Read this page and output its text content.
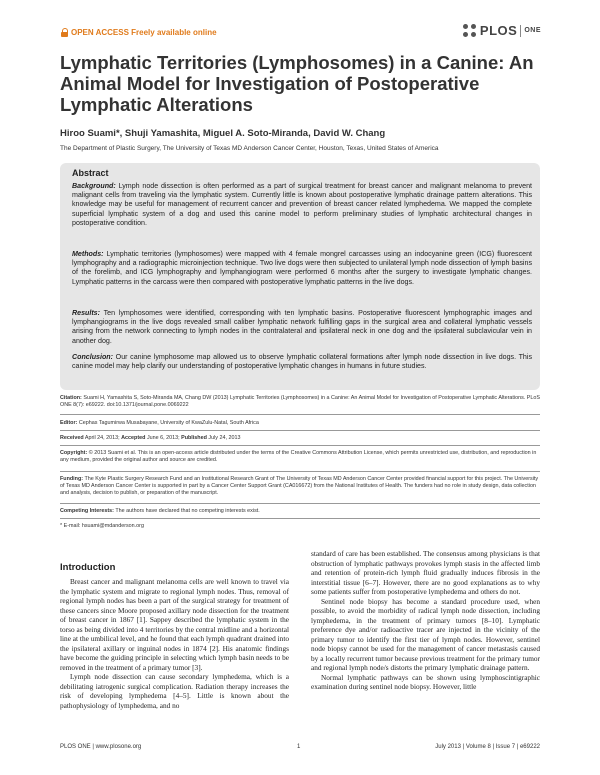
OPEN ACCESS Freely available online	PLOS ONE
Lymphatic Territories (Lymphosomes) in a Canine: An Animal Model for Investigation of Postoperative Lymphatic Alterations
Hiroo Suami*, Shuji Yamashita, Miguel A. Soto-Miranda, David W. Chang
The Department of Plastic Surgery, The University of Texas MD Anderson Cancer Center, Houston, Texas, United States of America
Abstract
Background: Lymph node dissection is often performed as a part of surgical treatment for breast cancer and malignant melanoma to prevent malignant cells from traveling via the lymphatic system. Currently little is known about postoperative lymphatic drainage pattern alterations. This knowledge may be useful for management of recurrent cancer and prevention of breast cancer related lymphedema. We mapped the complete superficial lymphatic system of a dog and used this canine model to perform preliminary studies of lymphatic architectural changes in postoperative condition.
Methods: Lymphatic territories (lymphosomes) were mapped with 4 female mongrel carcasses using an indocyanine green (ICG) fluorescent lymphography and a radiographic microinjection technique. Two live dogs were then subjected to unilateral lymph node dissection of lymph basins of the forelimb, and ICG lymphography and lymphangiogram were performed 6 months after the surgery to investigate lymphatic changes. Lymphatic patterns in the carcass were then compared with postoperative lymphatic patterns in the live dogs.
Results: Ten lymphosomes were identified, corresponding with ten lymphatic basins. Postoperative fluorescent lymphographic images and lymphangiograms in the live dogs revealed small caliber lymphatic network fulfilling gaps in the surgical area and collateral lymphatic vessels arising from the network connecting to lymph nodes in the contralateral and ipsilateral neck in one dog and the ipsilateral subclavicular vein in another dog.
Conclusion: Our canine lymphosome map allowed us to observe lymphatic collateral formations after lymph node dissection in live dogs. This canine model may help clarify our understanding of postoperative lymphatic changes in humans in future studies.
Citation: Suami H, Yamashita S, Soto-Miranda MA, Chang DW (2013) Lymphatic Territories (Lymphosomes) in a Canine: An Animal Model for Investigation of Postoperative Lymphatic Alterations. PLoS ONE 8(7): e69222. doi:10.1371/journal.pone.0069222
Editor: Cephas Tagumirwa Musabayane, University of KwaZulu-Natal, South Africa
Received April 24, 2013; Accepted June 6, 2013; Published July 24, 2013
Copyright: © 2013 Suami et al. This is an open-access article distributed under the terms of the Creative Commons Attribution License, which permits unrestricted use, distribution, and reproduction in any medium, provided the original author and source are credited.
Funding: The Kyte Plastic Surgery Research Fund and an Institutional Research Grant of The University of Texas MD Anderson Cancer Center provided financial support for this project. The University of Texas MD Anderson Cancer Center is supported in part by a Cancer Center Support Grant (CA016672) from the National Institutes of Health. The funders had no role in study design, data collection and analysis, decision to publish, or preparation of the manuscript.
Competing Interests: The authors have declared that no competing interests exist.
* E-mail: hsuami@mdanderson.org
Introduction

Breast cancer and malignant melanoma cells are well known to travel via the lymphatic system and migrate to regional lymph nodes. Thus, removal of regional lymph nodes has been a part of the surgical strategy for treatment of these cancers since Moore proposed axillary node dissection for the treatment of breast cancer in 1867 [1]. Sappey described the lymphatic system in the torso as being divided into 4 territories by the central midline and a horizontal line at the umbilical level, and he found that each lymph quadrant drained into the ipsilateral axillary or inguinal nodes in 1874 [2]. His anatomic findings have become the guiding principle in selecting which lymph basin needs to be removed in the treatment of a primary tumor [3].

Lymph node dissection can cause secondary lymphedema, which is a debilitating iatrogenic surgical complication. Radiation therapy increases the risk of developing lymphedema [4–5]. Little is known about the pathophysiology of lymphedema, and no

standard of care has been established. The consensus among physicians is that obstruction of lymphatic pathways provokes lymph stasis in the affected limb and retention of protein-rich lymph fluid gradually induces fibrosis in the interstitial tissue [6–7]. However, there are no good explanations as to why some patients suffer from postoperative lymphedema and others do not.

Sentinel node biopsy has become a standard procedure used, when possible, to avoid the morbidity of radical lymph node dissection, including lymphedema, in the treatment of primary tumors [8–10]. Lymphatic preference dye and/or radioactive tracer are injected in the vicinity of the primary tumor to identify the first tier of lymph nodes. However, sentinel node biopsy cannot be used for the management of cancer metastasis caused by a locally recurrent tumor because previous treatment for the primary tumor and regional lymph node/s distorts the primary lymphatic drainage pattern.

Normal lymphatic pathways can be shown using lymphoscintigraphic examination during sentinel node biopsy. However, little

PLOS ONE | www.plosone.org	1	July 2013 | Volume 8 | Issue 7 | e69222
